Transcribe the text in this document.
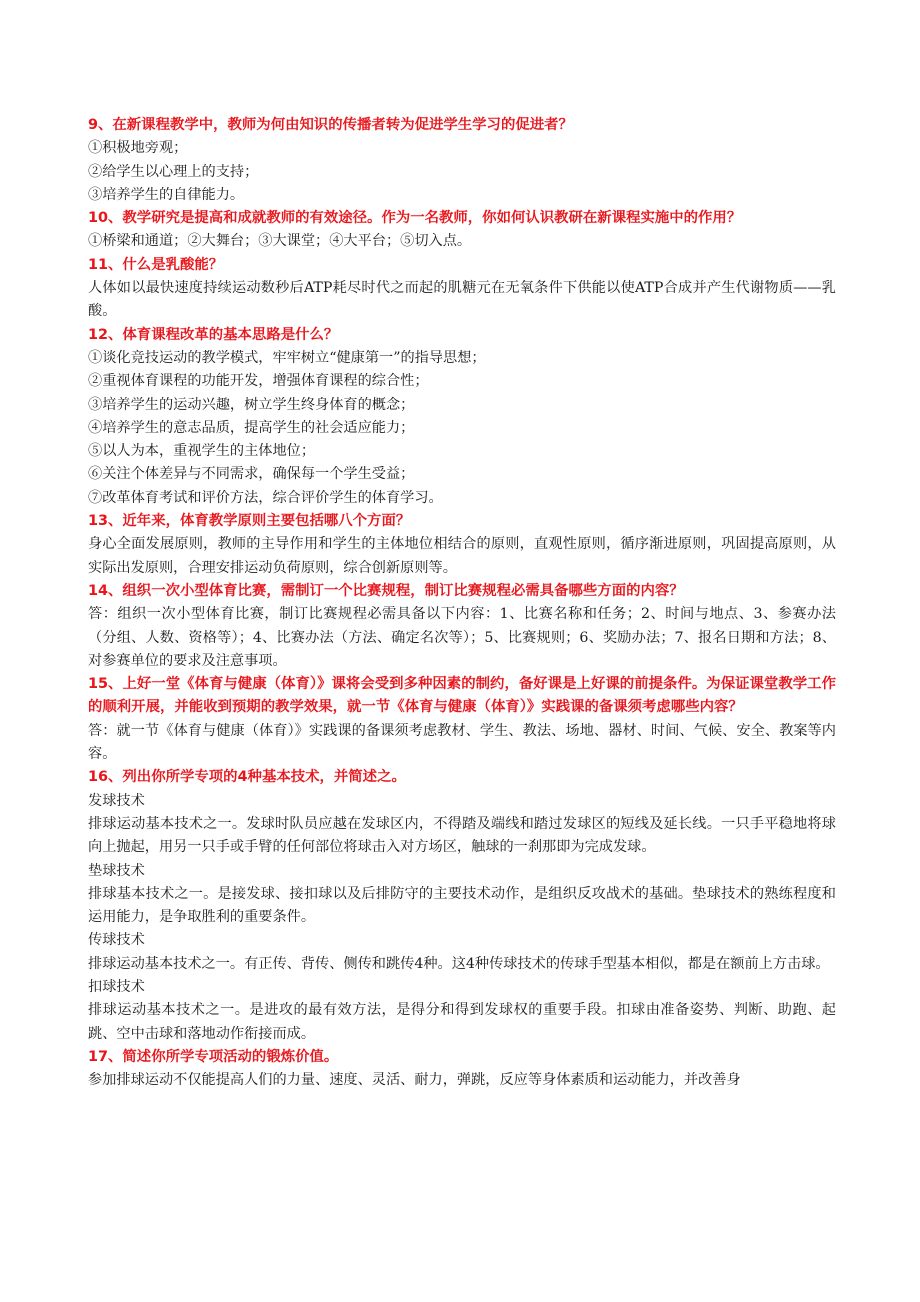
9、在新课程教学中，教师为何由知识的传播者转为促进学生学习的促进者？

①积极地旁观；

②给学生以心理上的支持；

③培养学生的自律能力。

10、教学研究是提高和成就教师的有效途径。作为一名教师，你如何认识教研在新课程实施中的作用？

①桥梁和通道；②大舞台；③大课堂；④大平台；⑤切入点。

11、什么是乳酸能？

人体如以最快速度持续运动数秒后ATP耗尽时代之而起的肌糖元在无氧条件下供能以使ATP合成并产生代谢物质——乳酸。

12、体育课程改革的基本思路是什么？

①谈化竞技运动的教学模式，牢牢树立“健康第一”的指导思想；

②重视体育课程的功能开发，增强体育课程的综合性；

③培养学生的运动兴趣，树立学生终身体育的概念；

④培养学生的意志品质，提高学生的社会适应能力；

⑤以人为本，重视学生的主体地位；

⑥关注个体差异与不同需求，确保每一个学生受益；

⑦改革体育考试和评价方法，综合评价学生的体育学习。

13、近年来，体育教学原则主要包括哪八个方面？

身心全面发展原则，教师的主导作用和学生的主体地位相结合的原则，直观性原则，循序渐进原则，巩固提高原则，从实际出发原则，合理安排运动负荷原则，综合创新原则等。

14、组织一次小型体育比赛，需制订一个比赛规程，制订比赛规程必需具备哪些方面的内容？

答：组织一次小型体育比赛，制订比赛规程必需具备以下内容：1、比赛名称和任务；2、时间与地点、3、参赛办法（分组、人数、资格等）；4、比赛办法（方法、确定名次等）；5、比赛规则；6、奖励办法；7、报名日期和方法；8、对参赛单位的要求及注意事项。

15、上好一堂《体育与健康（体育）》课将会受到多种因素的制约，备好课是上好课的前提条件。为保证课堂教学工作的顺利开展，并能收到预期的教学效果，就一节《体育与健康（体育）》实践课的备课须考虑哪些内容？

答：就一节《体育与健康（体育）》实践课的备课须考虑教材、学生、教法、场地、器材、时间、气候、安全、教案等内容。

16、列出你所学专项的4种基本技术，并简述之。

发球技术

排球运动基本技术之一。发球时队员应越在发球区内，不得踏及端线和踏过发球区的短线及延长线。一只手平稳地将球向上抛起，用另一只手或手臂的任何部位将球击入对方场区，触球的一刹那即为完成发球。

垫球技术

排球基本技术之一。是接发球、接扣球以及后排防守的主要技术动作，是组织反攻战术的基础。垫球技术的熟练程度和运用能力，是争取胜利的重要条件。

传球技术

排球运动基本技术之一。有正传、背传、侧传和跳传4种。这4种传球技术的传球手型基本相似，都是在额前上方击球。

扣球技术

排球运动基本技术之一。是进攻的最有效方法，是得分和得到发球权的重要手段。扣球由准备姿势、判断、助跑、起跳、空中击球和落地动作衔接而成。

17、简述你所学专项活动的锻炼价值。

参加排球运动不仅能提高人们的力量、速度、灵活、耐力，弹跳，反应等身体素质和运动能力，并改善身
